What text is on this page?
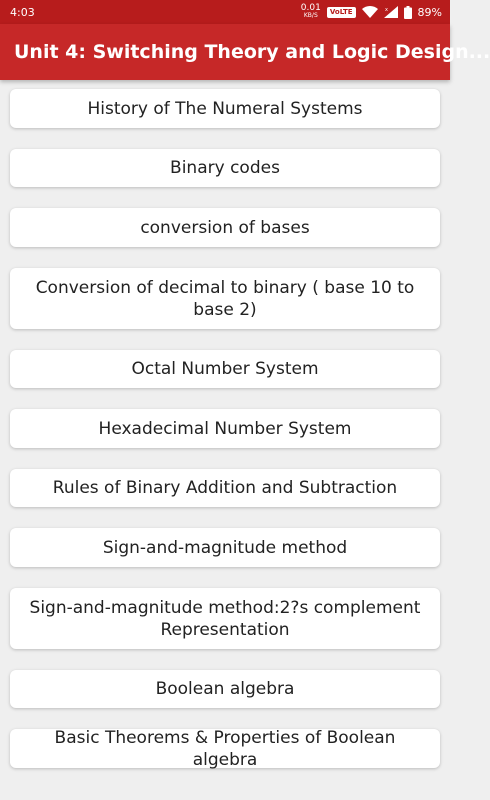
4:03	0.01
KB/S	VoLTE	x	89%
Unit 4: Switching Theory and Logic Design...
History of The Numeral Systems
Binary codes
conversion of bases
Conversion of decimal to binary ( base 10 to base 2)
Octal Number System
Hexadecimal Number System
Rules of Binary Addition and Subtraction
Sign-and-magnitude method
Sign-and-magnitude method:2?s complement Representation
Boolean algebra
Basic Theorems & Properties of Boolean algebra
